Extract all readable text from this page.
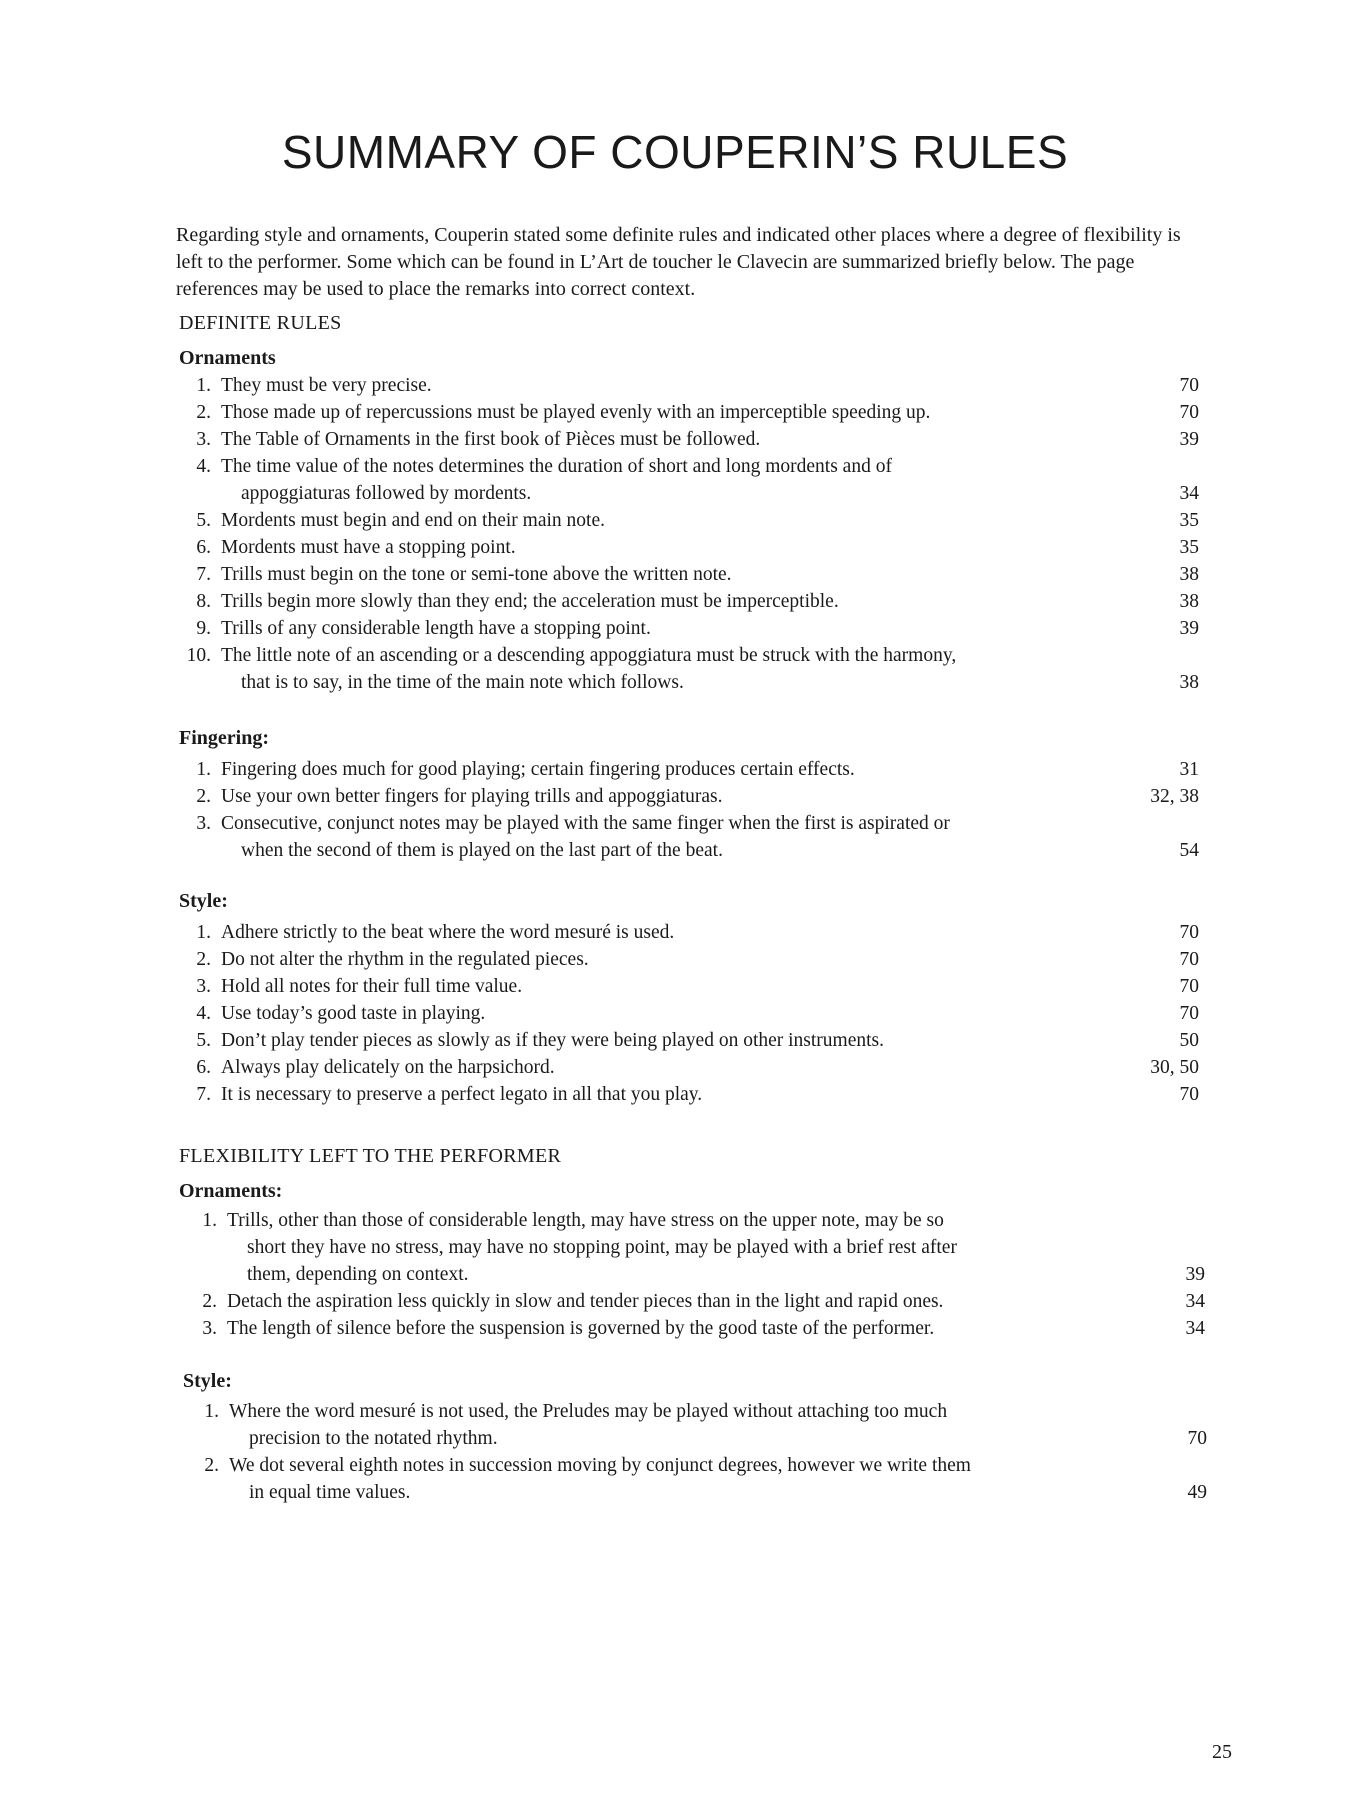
SUMMARY OF COUPERIN’S RULES

Regarding style and ornaments, Couperin stated some definite rules and indicated other places where a degree of flexibility is left to the performer. Some which can be found in L’Art de toucher le Clavecin are summarized briefly below. The page references may be used to place the remarks into correct context.

DEFINITE RULES

Ornaments

1. They must be very precise.	70
2. Those made up of repercussions must be played evenly with an imperceptible speeding up.	70
3. The Table of Ornaments in the first book of Pièces must be followed.	39
4. The time value of the notes determines the duration of short and long mordents and of
appoggiaturas followed by mordents.	34
5. Mordents must begin and end on their main note.	35
6. Mordents must have a stopping point.	35
7. Trills must begin on the tone or semi-tone above the written note.	38
8. Trills begin more slowly than they end; the acceleration must be imperceptible.	38
9. Trills of any considerable length have a stopping point.	39
10. The little note of an ascending or a descending appoggiatura must be struck with the harmony,
that is to say, in the time of the main note which follows.	38

Fingering:

1. Fingering does much for good playing; certain fingering produces certain effects.	31
2. Use your own better fingers for playing trills and appoggiaturas.	32, 38
3. Consecutive, conjunct notes may be played with the same finger when the first is aspirated or
when the second of them is played on the last part of the beat.	54

Style:

1. Adhere strictly to the beat where the word mesuré is used.	70
2. Do not alter the rhythm in the regulated pieces.	70
3. Hold all notes for their full time value.	70
4. Use today’s good taste in playing.	70
5. Don’t play tender pieces as slowly as if they were being played on other instruments.	50
6. Always play delicately on the harpsichord.	30, 50
7. It is necessary to preserve a perfect legato in all that you play.	70

FLEXIBILITY LEFT TO THE PERFORMER

Ornaments:

1. Trills, other than those of considerable length, may have stress on the upper note, may be so
short they have no stress, may have no stopping point, may be played with a brief rest after
them, depending on context.	39
2. Detach the aspiration less quickly in slow and tender pieces than in the light and rapid ones.	34
3. The length of silence before the suspension is governed by the good taste of the performer.	34

Style:

1. Where the word mesuré is not used, the Preludes may be played without attaching too much
precision to the notated rhythm.	70
2. We dot several eighth notes in succession moving by conjunct degrees, however we write them
in equal time values.	49

25
